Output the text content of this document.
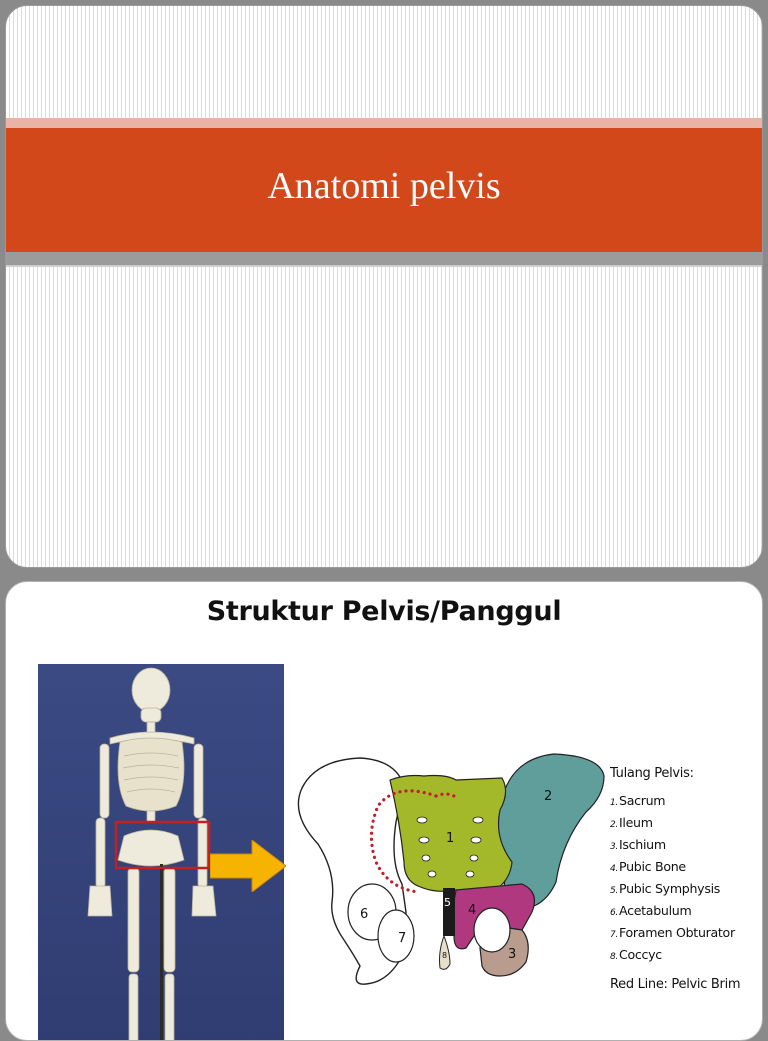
Anatomi pelvis
Struktur Pelvis/Panggul
1
2
3
4
5
6
7
8
Tulang Pelvis:
1.Sacrum
2.Ileum
3.Ischium
4.Pubic Bone
5.Pubic Symphysis
6.Acetabulum
7.Foramen Obturator
8.Coccyc
Red Line: Pelvic Brim
